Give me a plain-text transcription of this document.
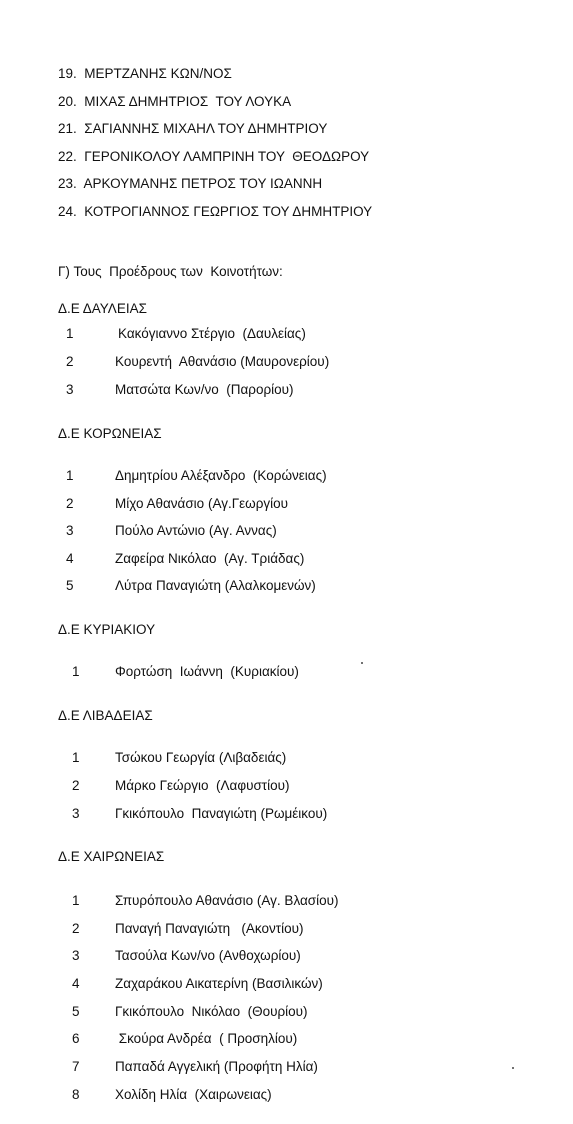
19.  ΜΕΡΤΖΑΝΗΣ ΚΩΝ/ΝΟΣ
20.  ΜΙΧΑΣ ΔΗΜΗΤΡΙΟΣ  ΤΟΥ ΛΟΥΚΑ
21.  ΣΑΓΙΑΝΝΗΣ ΜΙΧΑΗΛ ΤΟΥ ΔΗΜΗΤΡΙΟΥ
22.  ΓΕΡΟΝΙΚΟΛΟΥ ΛΑΜΠΡΙΝΗ ΤΟΥ  ΘΕΟΔΩΡΟΥ
23.  ΑΡΚΟΥΜΑΝΗΣ ΠΕΤΡΟΣ ΤΟΥ ΙΩΑΝΝΗ
24.  ΚΟΤΡΟΓΙΑΝΝΟΣ ΓΕΩΡΓΙΟΣ ΤΟΥ ΔΗΜΗΤΡΙΟΥ
Γ) Τους  Προέδρους των  Κοινοτήτων:
Δ.Ε ΔΑΥΛΕΙΑΣ
1	Κακόγιαννο Στέργιο  (Δαυλείας)
2	Κουρεντή  Αθανάσιο (Μαυρονερίου)
3	Ματσώτα Κων/νο  (Παρορίου)
Δ.Ε ΚΟΡΩΝΕΙΑΣ
1	Δημητρίου Αλέξανδρο  (Κορώνειας)
2	Μίχο Αθανάσιο (Αγ.Γεωργίου
3	Πούλο Αντώνιο (Αγ. Αννας)
4	Ζαφείρα Νικόλαο  (Αγ. Τριάδας)
5	Λύτρα Παναγιώτη (Αλαλκομενών)
Δ.Ε ΚΥΡΙΑΚΙΟΥ
1	Φορτώση  Ιωάννη  (Κυριακίου)
Δ.Ε ΛΙΒΑΔΕΙΑΣ
1	Τσώκου Γεωργία (Λιβαδειάς)
2	Μάρκο Γεώργιο  (Λαφυστίου)
3	Γκικόπουλο  Παναγιώτη (Ρωμέικου)
Δ.Ε ΧΑΙΡΩΝΕΙΑΣ
1	Σπυρόπουλο Αθανάσιο (Αγ. Βλασίου)
2	Παναγή Παναγιώτη   (Ακοντίου)
3	Τασούλα Κων/νο (Ανθοχωρίου)
4	Ζαχαράκου Αικατερίνη (Βασιλικών)
5	Γκικόπουλο  Νικόλαο  (Θουρίου)
6	Σκούρα Ανδρέα  ( Προσηλίου)
7	Παπαδά Αγγελική (Προφήτη Ηλία)
8	Χολίδη Ηλία  (Χαιρωνειας)
